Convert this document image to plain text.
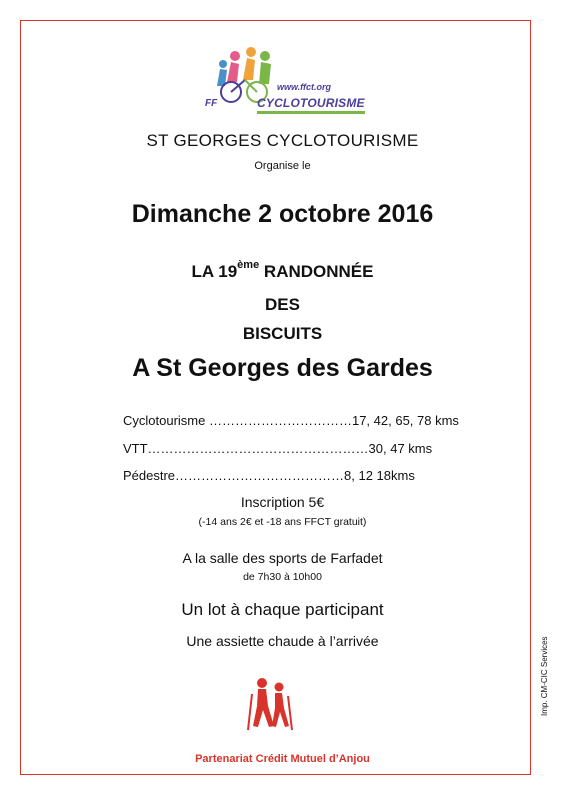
www.ffct.org
FF	CYCLOTOURISME
ST GEORGES CYCLOTOURISME
Organise le
Dimanche 2 octobre 2016
LA 19ème RANDONNÉE
DES
BISCUITS
A St Georges des Gardes
Cyclotourisme ……………………………17, 42, 65, 78 kms
VTT……………………………………………30, 47 kms
Pédestre…………………………………8, 12 18kms
Inscription 5€
(-14 ans 2€ et -18 ans FFCT gratuit)
A la salle des sports de Farfadet
de 7h30 à 10h00
Un lot à chaque participant
Une assiette chaude à l’arrivée
Partenariat Crédit Mutuel d’Anjou
Imp. CM-CIC Services
